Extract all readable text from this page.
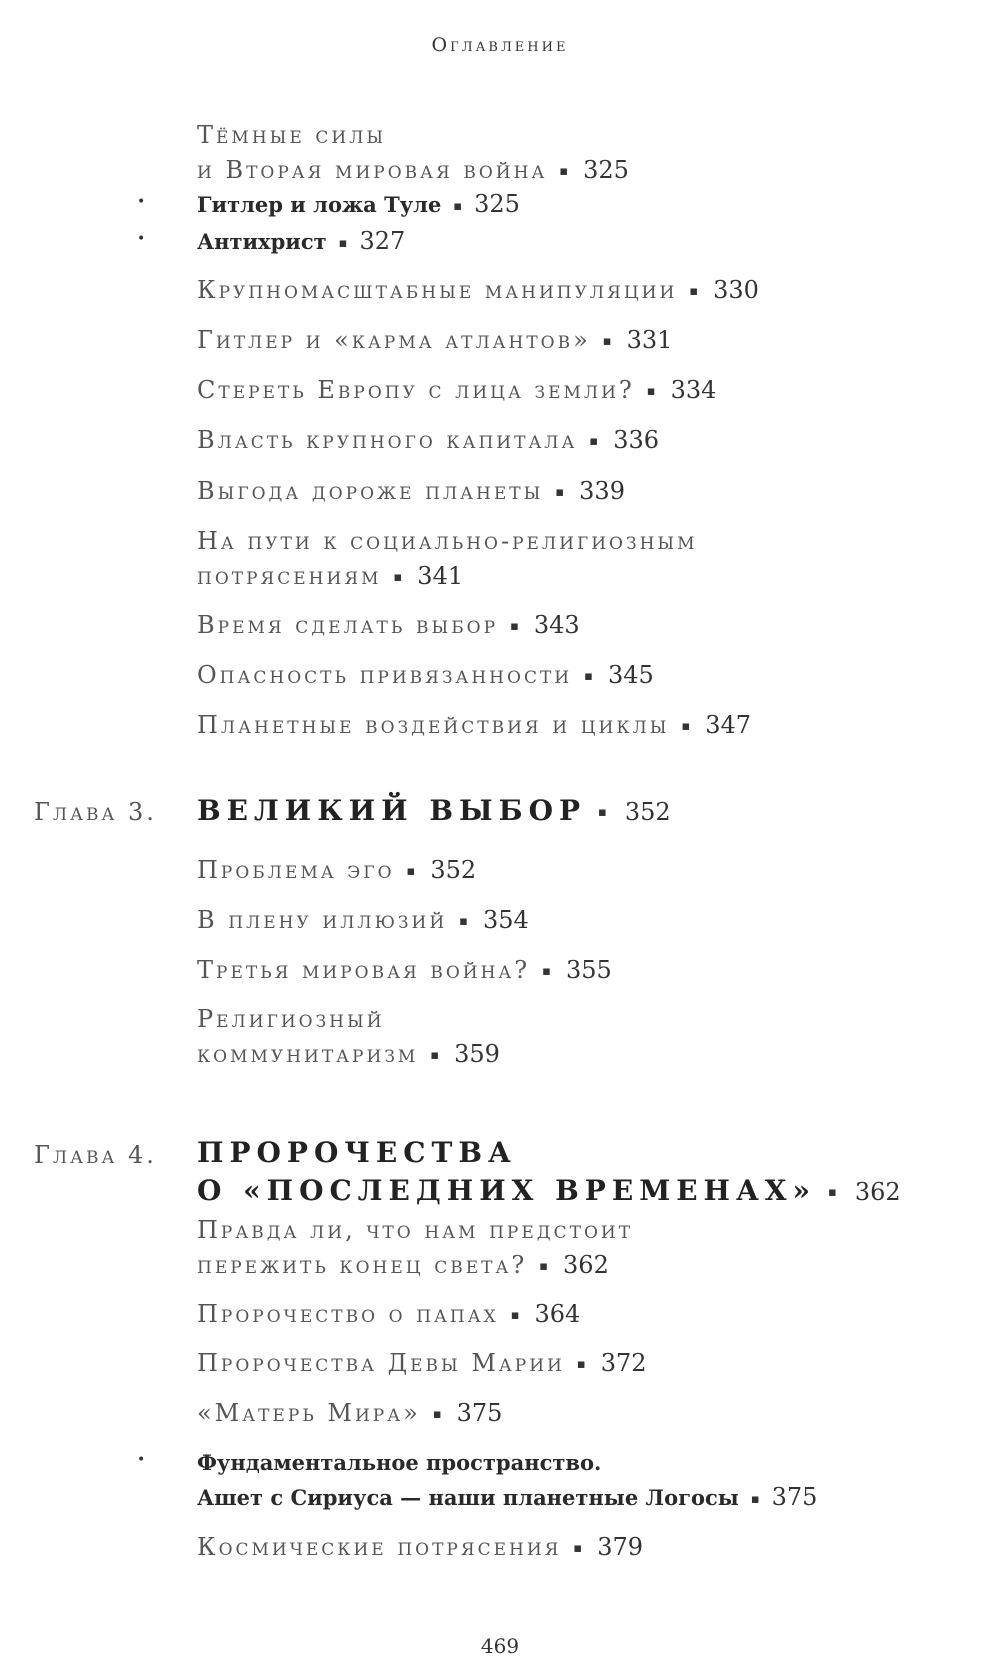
Оглавление
Тёмные силы
и Вторая мировая война ▪ 325
• Гитлер и ложа Туле ▪ 325
• Антихрист ▪ 327
Крупномасштабные манипуляции ▪ 330
Гитлер и «карма атлантов» ▪ 331
Стереть Европу с лица земли? ▪ 334
Власть крупного капитала ▪ 336
Выгода дороже планеты ▪ 339
На пути к социально-религиозным
потрясениям ▪ 341
Время сделать выбор ▪ 343
Опасность привязанности ▪ 345
Планетные воздействия и циклы ▪ 347
Глава 3. ВЕЛИКИЙ ВЫБОР ▪ 352
Проблема эго ▪ 352
В плену иллюзий ▪ 354
Третья мировая война? ▪ 355
Религиозный
коммунитаризм ▪ 359
Глава 4. ПРОРОЧЕСТВА
О «ПОСЛЕДНИХ ВРЕМЕНАХ» ▪ 362
Правда ли, что нам предстоит
пережить конец света? ▪ 362
Пророчество о папах ▪ 364
Пророчества Девы Марии ▪ 372
«Матерь Мира» ▪ 375
• Фундаментальное пространство.
Ашет с Сириуса — наши планетные Логосы ▪ 375
Космические потрясения ▪ 379
469
